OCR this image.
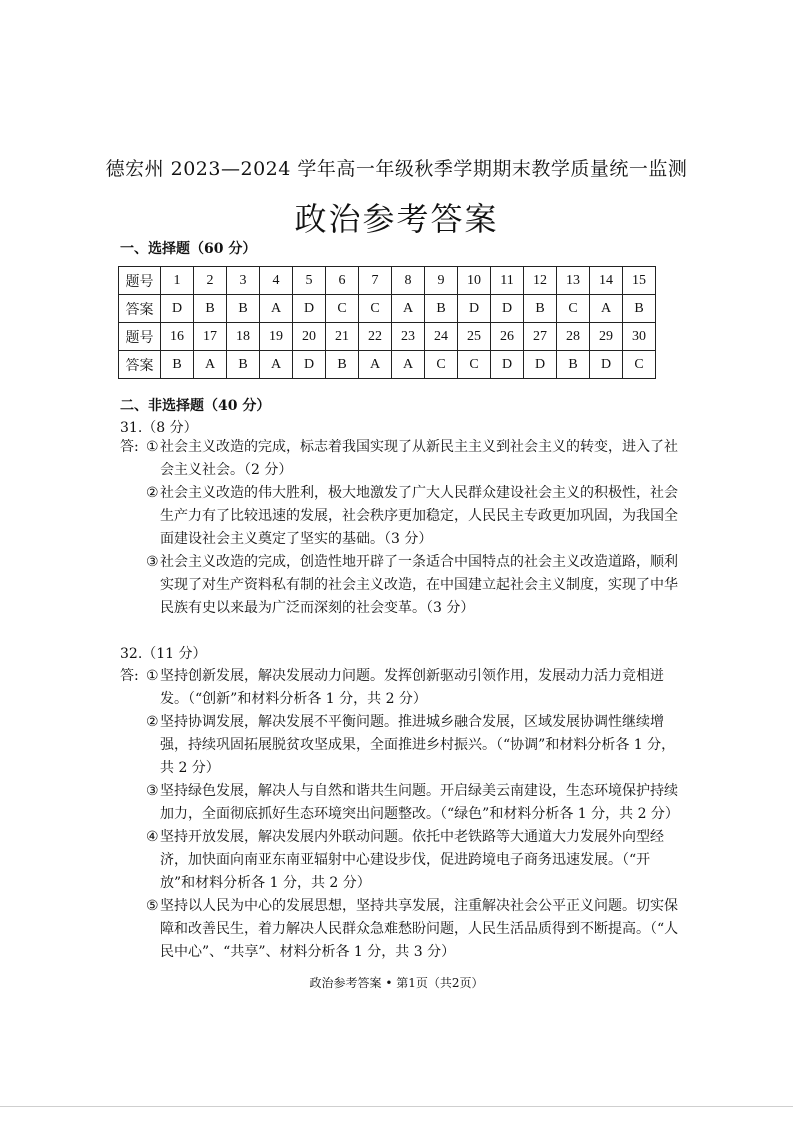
德宏州 2023—2024 学年高一年级秋季学期期末教学质量统一监测
政治参考答案
一、选择题（60 分）
题号	1	2	3	4	5	6	7	8	9	10	11	12	13	14	15
答案	D	B	B	A	D	C	C	A	B	D	D	B	C	A	B
题号	16	17	18	19	20	21	22	23	24	25	26	27	28	29	30
答案	B	A	B	A	D	B	A	A	C	C	D	D	B	D	C
二、非选择题（40 分）
31.（8 分）
答: ① 社会主义改造的完成，标志着我国实现了从新民主主义到社会主义的转变，进入了社会主义社会。（2 分）
② 社会主义改造的伟大胜利，极大地激发了广大人民群众建设社会主义的积极性，社会生产力有了比较迅速的发展，社会秩序更加稳定，人民民主专政更加巩固，为我国全面建设社会主义奠定了坚实的基础。（3 分）
③ 社会主义改造的完成，创造性地开辟了一条适合中国特点的社会主义改造道路，顺利实现了对生产资料私有制的社会主义改造，在中国建立起社会主义制度，实现了中华民族有史以来最为广泛而深刻的社会变革。（3 分）
32.（11 分）
答: ① 坚持创新发展，解决发展动力问题。发挥创新驱动引领作用，发展动力活力竞相迸发。（“创新”和材料分析各 1 分，共 2 分）
② 坚持协调发展，解决发展不平衡问题。推进城乡融合发展，区域发展协调性继续增强，持续巩固拓展脱贫攻坚成果，全面推进乡村振兴。（“协调”和材料分析各 1 分，共 2 分）
③ 坚持绿色发展，解决人与自然和谐共生问题。开启绿美云南建设，生态环境保护持续加力，全面彻底抓好生态环境突出问题整改。（“绿色”和材料分析各 1 分，共 2 分）
④ 坚持开放发展，解决发展内外联动问题。依托中老铁路等大通道大力发展外向型经济，加快面向南亚东南亚辐射中心建设步伐，促进跨境电子商务迅速发展。（“开放”和材料分析各 1 分，共 2 分）
⑤ 坚持以人民为中心的发展思想，坚持共享发展，注重解决社会公平正义问题。切实保障和改善民生，着力解决人民群众急难愁盼问题，人民生活品质得到不断提高。（“人民中心”、“共享”、材料分析各 1 分，共 3 分）
政治参考答案 • 第1页（共2页）
